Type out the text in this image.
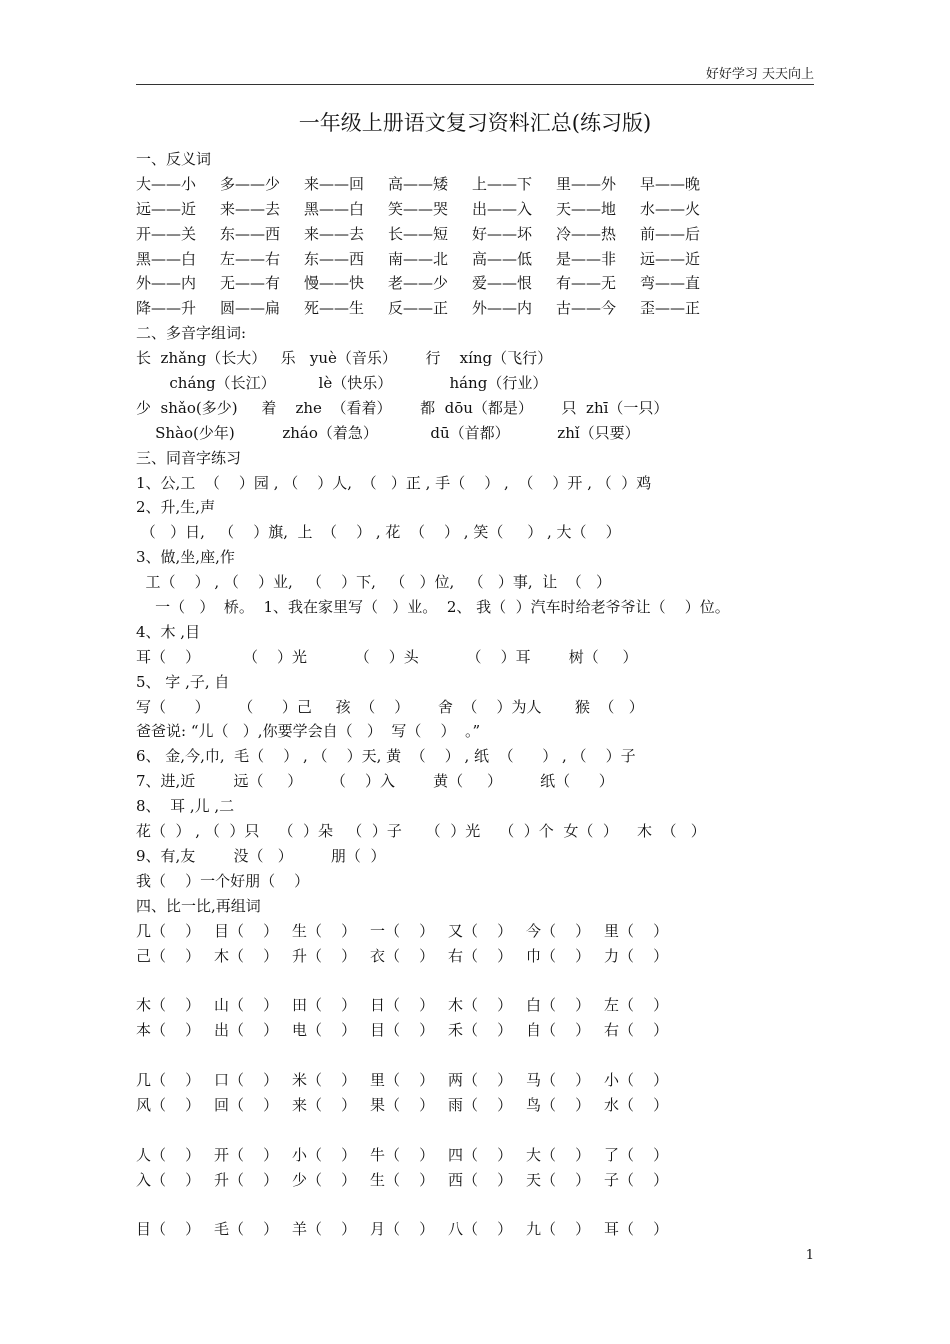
好好学习 天天向上
一年级上册语文复习资料汇总(练习版)
一、反义词
大——小	多——少	来——回	高——矮	上——下	里——外	早——晚
远——近	来——去	黑——白	笑——哭	出——入	天——地	水——火
开——关	东——西	来——去	长——短	好——坏	冷——热	前——后
黑——白	左——右	东——西	南——北	高——低	是——非	远——近
外——内	无——有	慢——快	老——少	爱——恨	有——无	弯——直
降——升	圆——扁	死——生	反——正	外——内	古——今	歪——正
二、多音字组词:
长  zhǎng（长大）   乐   yuè（音乐）      行    xíng（飞行）
cháng（长江）         lè（快乐）            háng（行业）
少  shǎo(多少)     着    zhe  （看着）      都  dōu（都是）      只  zhī（一只）
Shào(少年)          zháo（着急）           dū（首都）          zhǐ（只要）
三、同音字练习
1、公,工  （    ）园 , （    ）人,  （   ）正 , 手（    ） ,  （    ）开 , （  ）鸡
2、升,生,声
（   ）日,   （    ）旗,  上  （    ） , 花  （    ） , 笑（     ） , 大（    ）
3、做,坐,座,作
工（    ） , （    ）业,   （    ）下,   （   ）位,   （   ）事,  让  （   ）
一（   ）  桥。  1、我在家里写（   ）业。  2、 我（  ）汽车时给老爷爷让（    ）位。
4、木 ,目
耳（    ）         （    ）光          （    ）头          （    ）耳        树（     ）
5、 字 ,子, 自
写（      ）      （      ）己     孩  （    ）      舍  （    ）为人       猴  （   ）
爸爸说: “儿（   ）,你要学会自（   ）  写（    ）  。”
6、 金,今,巾,  毛（    ） , （    ）天, 黄  （    ） , 纸  （      ） , （    ）子
7、进,近        远（     ）      （    ）入        黄（     ）        纸（      ）
8、  耳 ,儿 ,二
花（  ） , （  ）只    （  ）朵   （  ）子     （  ）光    （  ）个  女（  ）    木  （   ）
9、有,友        没（   ）        朋（  ）
我（    ）一个好朋（    ）
四、比一比,再组词
几（    ） 目（    ） 生（    ） 一（    ） 又（    ） 今（    ） 里（    ）
己（    ） 木（    ） 升（    ） 衣（    ） 右（    ） 巾（    ） 力（    ）
木（    ） 山（    ） 田（    ） 日（    ） 木（    ） 白（    ） 左（    ）
本（    ） 出（    ） 电（    ） 目（    ） 禾（    ） 自（    ） 右（    ）
几（    ） 口（    ） 米（    ） 里（    ） 两（    ） 马（    ） 小（    ）
风（    ） 回（    ） 来（    ） 果（    ） 雨（    ） 鸟（    ） 水（    ）
人（    ） 开（    ） 小（    ） 牛（    ） 四（    ） 大（    ） 了（    ）
入（    ） 升（    ） 少（    ） 生（    ） 西（    ） 天（    ） 子（    ）
目（    ） 毛（    ） 羊（    ） 月（    ） 八（    ） 九（    ） 耳（    ）
1
